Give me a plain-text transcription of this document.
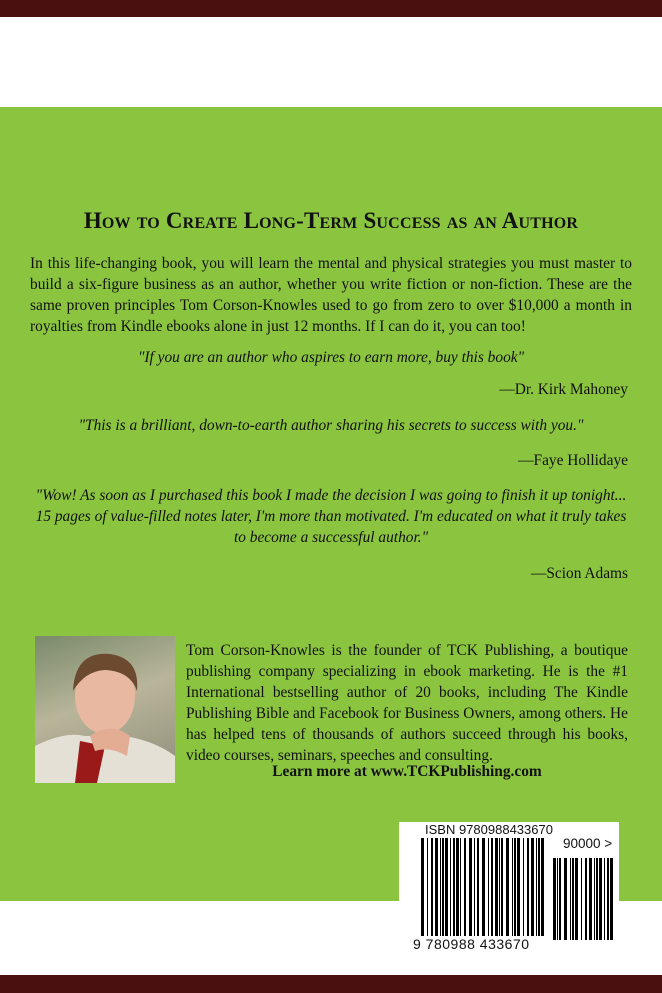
How to Create Long-Term Success as an Author
In this life-changing book, you will learn the mental and physical strategies you must master to build a six-figure business as an author, whether you write fiction or non-fiction. These are the same proven principles Tom Corson-Knowles used to go from zero to over $10,000 a month in royalties from Kindle ebooks alone in just 12 months. If I can do it, you can too!
"If you are an author who aspires to earn more, buy this book"
—Dr. Kirk Mahoney
"This is a brilliant, down-to-earth author sharing his secrets to success with you."
—Faye Hollidaye
"Wow! As soon as I purchased this book I made the decision I was going to finish it up tonight... 15 pages of value-filled notes later, I'm more than motivated. I'm educated on what it truly takes to become a successful author."
—Scion Adams
Tom Corson-Knowles is the founder of TCK Publishing, a boutique publishing company specializing in ebook marketing. He is the #1 International bestselling author of 20 books, including The Kindle Publishing Bible and Facebook for Business Owners, among others. He has helped tens of thousands of authors succeed through his books, video courses, seminars, speeches and consulting.
Learn more at www.TCKPublishing.com
ISBN 9780988433670
90000 >
9 780988 433670
